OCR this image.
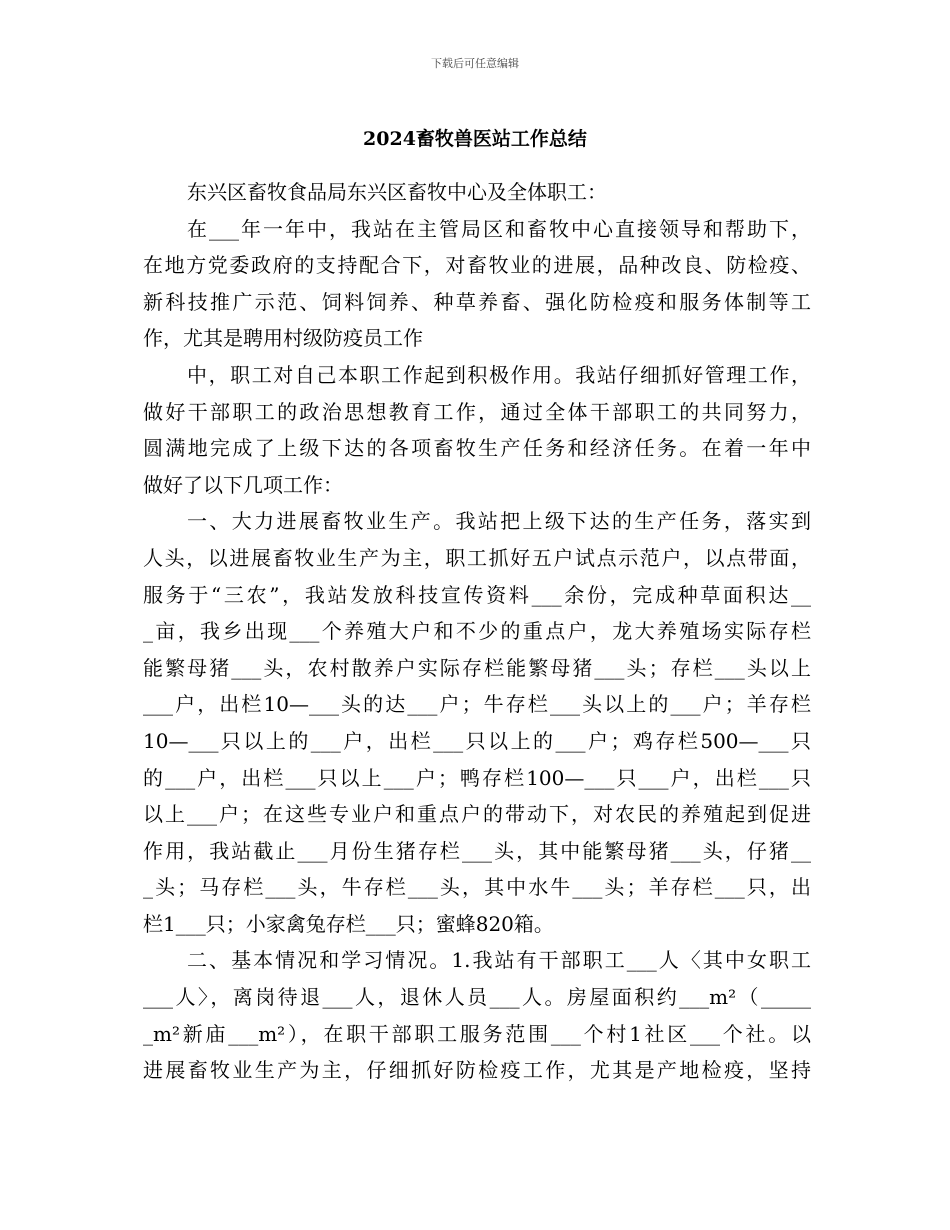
下载后可任意编辑
2024畜牧兽医站工作总结
东兴区畜牧食品局东兴区畜牧中心及全体职工：
在___年一年中，我站在主管局区和畜牧中心直接领导和帮助下，
在地方党委政府的支持配合下，对畜牧业的进展，品种改良、防检疫、
新科技推广示范、饲料饲养、种草养畜、强化防检疫和服务体制等工
作，尤其是聘用村级防疫员工作
中，职工对自己本职工作起到积极作用。我站仔细抓好管理工作，
做好干部职工的政治思想教育工作，通过全体干部职工的共同努力，
圆满地完成了上级下达的各项畜牧生产任务和经济任务。在着一年中
做好了以下几项工作：
一、大力进展畜牧业生产。我站把上级下达的生产任务，落实到
人头，以进展畜牧业生产为主，职工抓好五户试点示范户，以点带面，
服务于“三农”，我站发放科技宣传资料___余份，完成种草面积达__
_亩，我乡出现___个养殖大户和不少的重点户，龙大养殖场实际存栏
能繁母猪___头，农村散养户实际存栏能繁母猪___头；存栏___头以上
___户，出栏10—___头的达___户；牛存栏___头以上的___户；羊存栏
10—___只以上的___户，出栏___只以上的___户；鸡存栏500—___只
的___户，出栏___只以上___户；鸭存栏100—___只___户，出栏___只
以上___户；在这些专业户和重点户的带动下，对农民的养殖起到促进
作用，我站截止___月份生猪存栏___头，其中能繁母猪___头，仔猪__
_头；马存栏___头，牛存栏___头，其中水牛___头；羊存栏___只，出
栏1___只；小家禽兔存栏___只；蜜蜂820箱。
二、基本情况和学习情况。1.我站有干部职工___人〈其中女职工
___人〉，离岗待退___人，退休人员___人。房屋面积约___m²（_____
_m²新庙___m²），在职干部职工服务范围___个村1社区___个社。以
进展畜牧业生产为主，仔细抓好防检疫工作，尤其是产地检疫，坚持
